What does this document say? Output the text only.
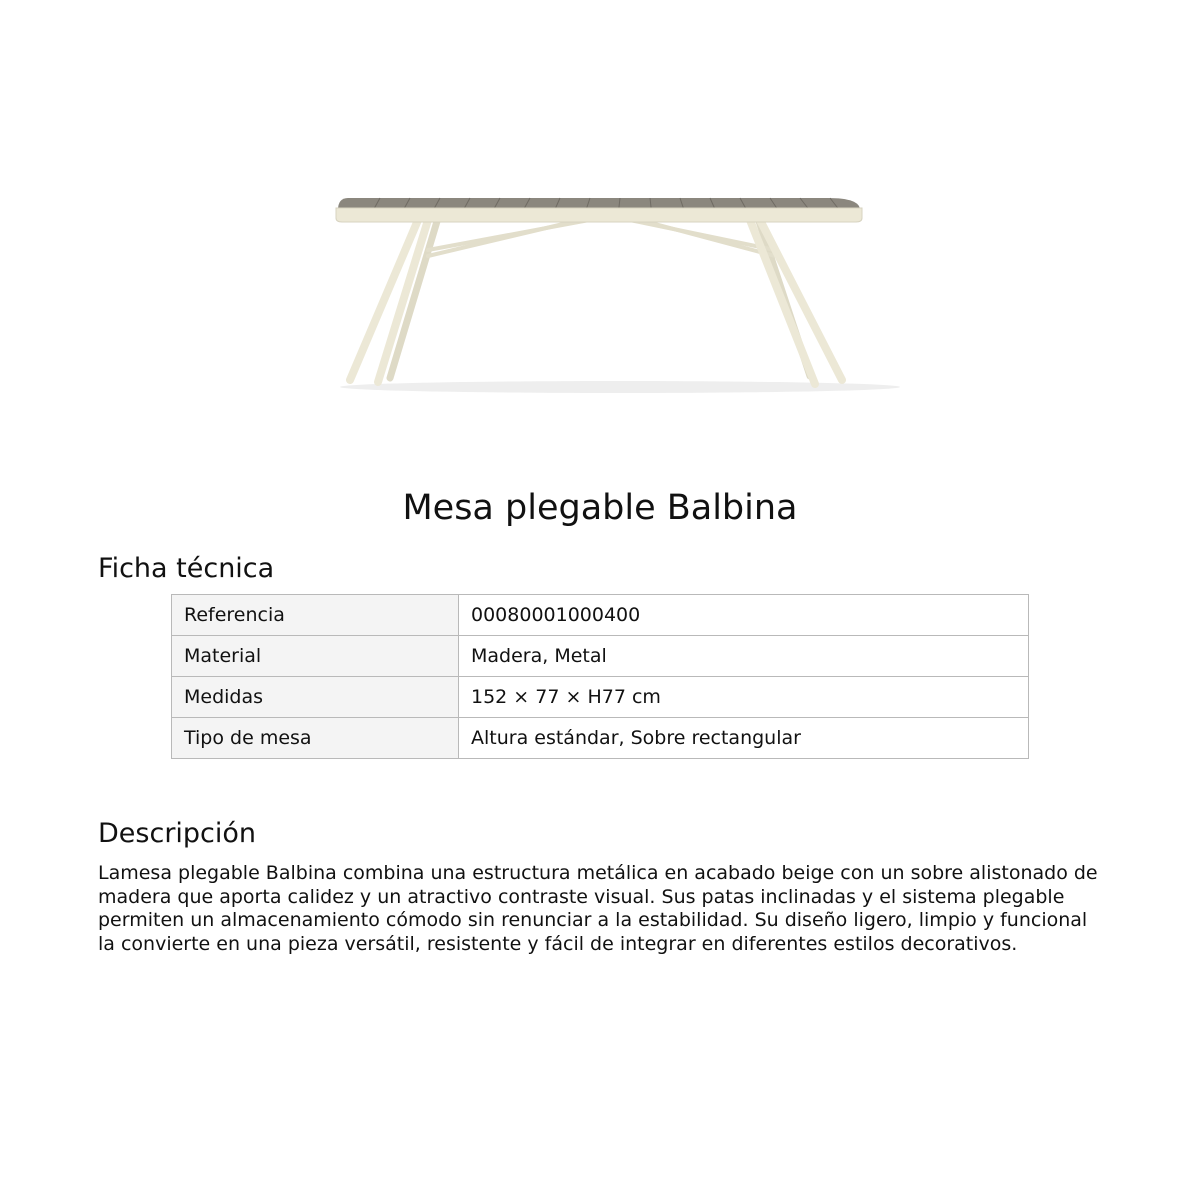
Mesa plegable Balbina
Ficha técnica
Referencia	00080001000400
Material	Madera, Metal
Medidas	152 × 77 × H77 cm
Tipo de mesa	Altura estándar, Sobre rectangular
Descripción

Lamesa plegable Balbina combina una estructura metálica en acabado beige con un sobre alistonado de madera que aporta calidez y un atractivo contraste visual. Sus patas inclinadas y el sistema plegable permiten un almacenamiento cómodo sin renunciar a la estabilidad. Su diseño ligero, limpio y funcional la convierte en una pieza versátil, resistente y fácil de integrar en diferentes estilos decorativos.
